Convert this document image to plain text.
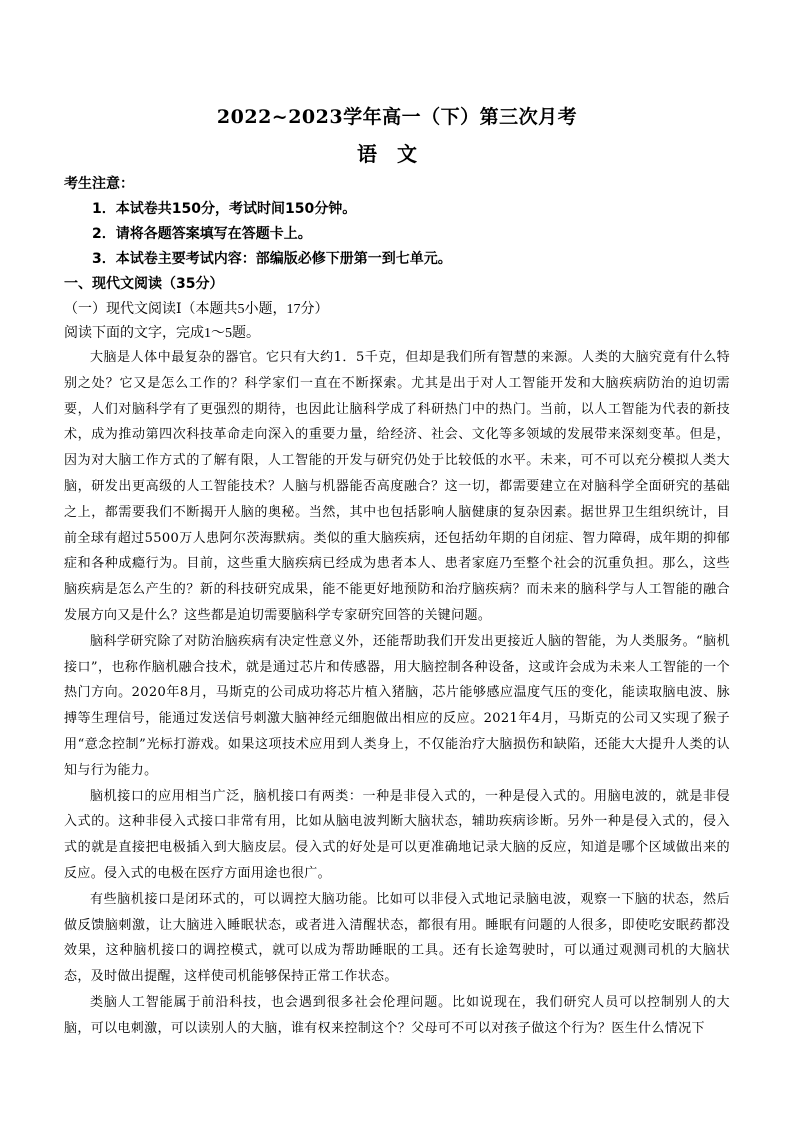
2022~2023学年高一（下）第三次月考
语文
考生注意：
1．本试卷共150分，考试时间150分钟。
2．请将各题答案填写在答题卡上。
3．本试卷主要考试内容：部编版必修下册第一到七单元。
一、现代文阅读（35分）
（一）现代文阅读Ⅰ（本题共5小题，17分）
阅读下面的文字，完成1～5题。

大脑是人体中最复杂的器官。它只有大约1．5千克，但却是我们所有智慧的来源。人类的大脑究竟有什么特别之处？它又是怎么工作的？科学家们一直在不断探索。尤其是出于对人工智能开发和大脑疾病防治的迫切需要，人们对脑科学有了更强烈的期待，也因此让脑科学成了科研热门中的热门。当前，以人工智能为代表的新技术，成为推动第四次科技革命走向深入的重要力量，给经济、社会、文化等多领域的发展带来深刻变革。但是，因为对大脑工作方式的了解有限，人工智能的开发与研究仍处于比较低的水平。未来，可不可以充分模拟人类大脑，研发出更高级的人工智能技术？人脑与机器能否高度融合？这一切，都需要建立在对脑科学全面研究的基础之上，都需要我们不断揭开人脑的奥秘。当然，其中也包括影响人脑健康的复杂因素。据世界卫生组织统计，目前全球有超过5500万人患阿尔茨海默病。类似的重大脑疾病，还包括幼年期的自闭症、智力障碍，成年期的抑郁症和各种成瘾行为。目前，这些重大脑疾病已经成为患者本人、患者家庭乃至整个社会的沉重负担。那么，这些脑疾病是怎么产生的？新的科技研究成果，能不能更好地预防和治疗脑疾病？而未来的脑科学与人工智能的融合发展方向又是什么？这些都是迫切需要脑科学专家研究回答的关键问题。

脑科学研究除了对防治脑疾病有决定性意义外，还能帮助我们开发出更接近人脑的智能，为人类服务。“脑机接口”，也称作脑机融合技术，就是通过芯片和传感器，用大脑控制各种设备，这或许会成为未来人工智能的一个热门方向。2020年8月，马斯克的公司成功将芯片植入猪脑，芯片能够感应温度气压的变化，能读取脑电波、脉搏等生理信号，能通过发送信号刺激大脑神经元细胞做出相应的反应。2021年4月，马斯克的公司又实现了猴子用“意念控制”光标打游戏。如果这项技术应用到人类身上，不仅能治疗大脑损伤和缺陷，还能大大提升人类的认知与行为能力。

脑机接口的应用相当广泛，脑机接口有两类：一种是非侵入式的，一种是侵入式的。用脑电波的，就是非侵入式的。这种非侵入式接口非常有用，比如从脑电波判断大脑状态，辅助疾病诊断。另外一种是侵入式的，侵入式的就是直接把电极插入到大脑皮层。侵入式的好处是可以更准确地记录大脑的反应，知道是哪个区域做出来的反应。侵入式的电极在医疗方面用途也很广。

有些脑机接口是闭环式的，可以调控大脑功能。比如可以非侵入式地记录脑电波，观察一下脑的状态，然后做反馈脑刺激，让大脑进入睡眠状态，或者进入清醒状态，都很有用。睡眠有问题的人很多，即使吃安眠药都没效果，这种脑机接口的调控模式，就可以成为帮助睡眠的工具。还有长途驾驶时，可以通过观测司机的大脑状态，及时做出提醒，这样使司机能够保持正常工作状态。

类脑人工智能属于前沿科技，也会遇到很多社会伦理问题。比如说现在，我们研究人员可以控制别人的大脑，可以电刺激，可以读别人的大脑，谁有权来控制这个？父母可不可以对孩子做这个行为？医生什么情况下
